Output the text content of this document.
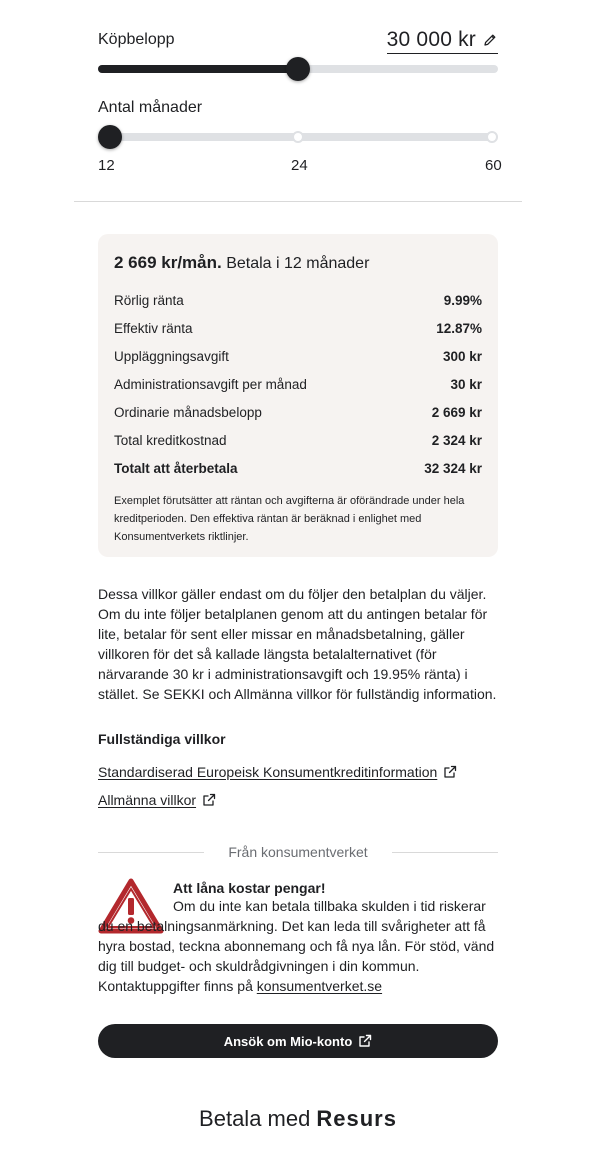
Köpbelopp	30 000 kr
Antal månader
12	24	60
2 669 kr/mån. Betala i 12 månader
Rörlig ränta	9.99%
Effektiv ränta	12.87%
Uppläggningsavgift	300 kr
Administrationsavgift per månad	30 kr
Ordinarie månadsbelopp	2 669 kr
Total kreditkostnad	2 324 kr
Totalt att återbetala	32 324 kr
Exemplet förutsätter att räntan och avgifterna är oförändrade under hela kreditperioden. Den effektiva räntan är beräknad i enlighet med Konsumentverkets riktlinjer.
Dessa villkor gäller endast om du följer den betalplan du väljer. Om du inte följer betalplanen genom att du antingen betalar för lite, betalar för sent eller missar en månadsbetalning, gäller villkoren för det så kallade längsta betalalternativet (för närvarande 30 kr i administrationsavgift och 19.95% ränta) i stället. Se SEKKI och Allmänna villkor för fullständig information.
Fullständiga villkor
Standardiserad Europeisk Konsumentkreditinformation
Allmänna villkor
Från konsumentverket
Att låna kostar pengar!
Om du inte kan betala tillbaka skulden i tid riskerar du en betalningsanmärkning. Det kan leda till svårigheter att få hyra bostad, teckna abonnemang och få nya lån. För stöd, vänd dig till budget- och skuldrådgivningen i din kommun. Kontaktuppgifter finns på konsumentverket.se
Ansök om Mio-konto
Betala med Resurs
